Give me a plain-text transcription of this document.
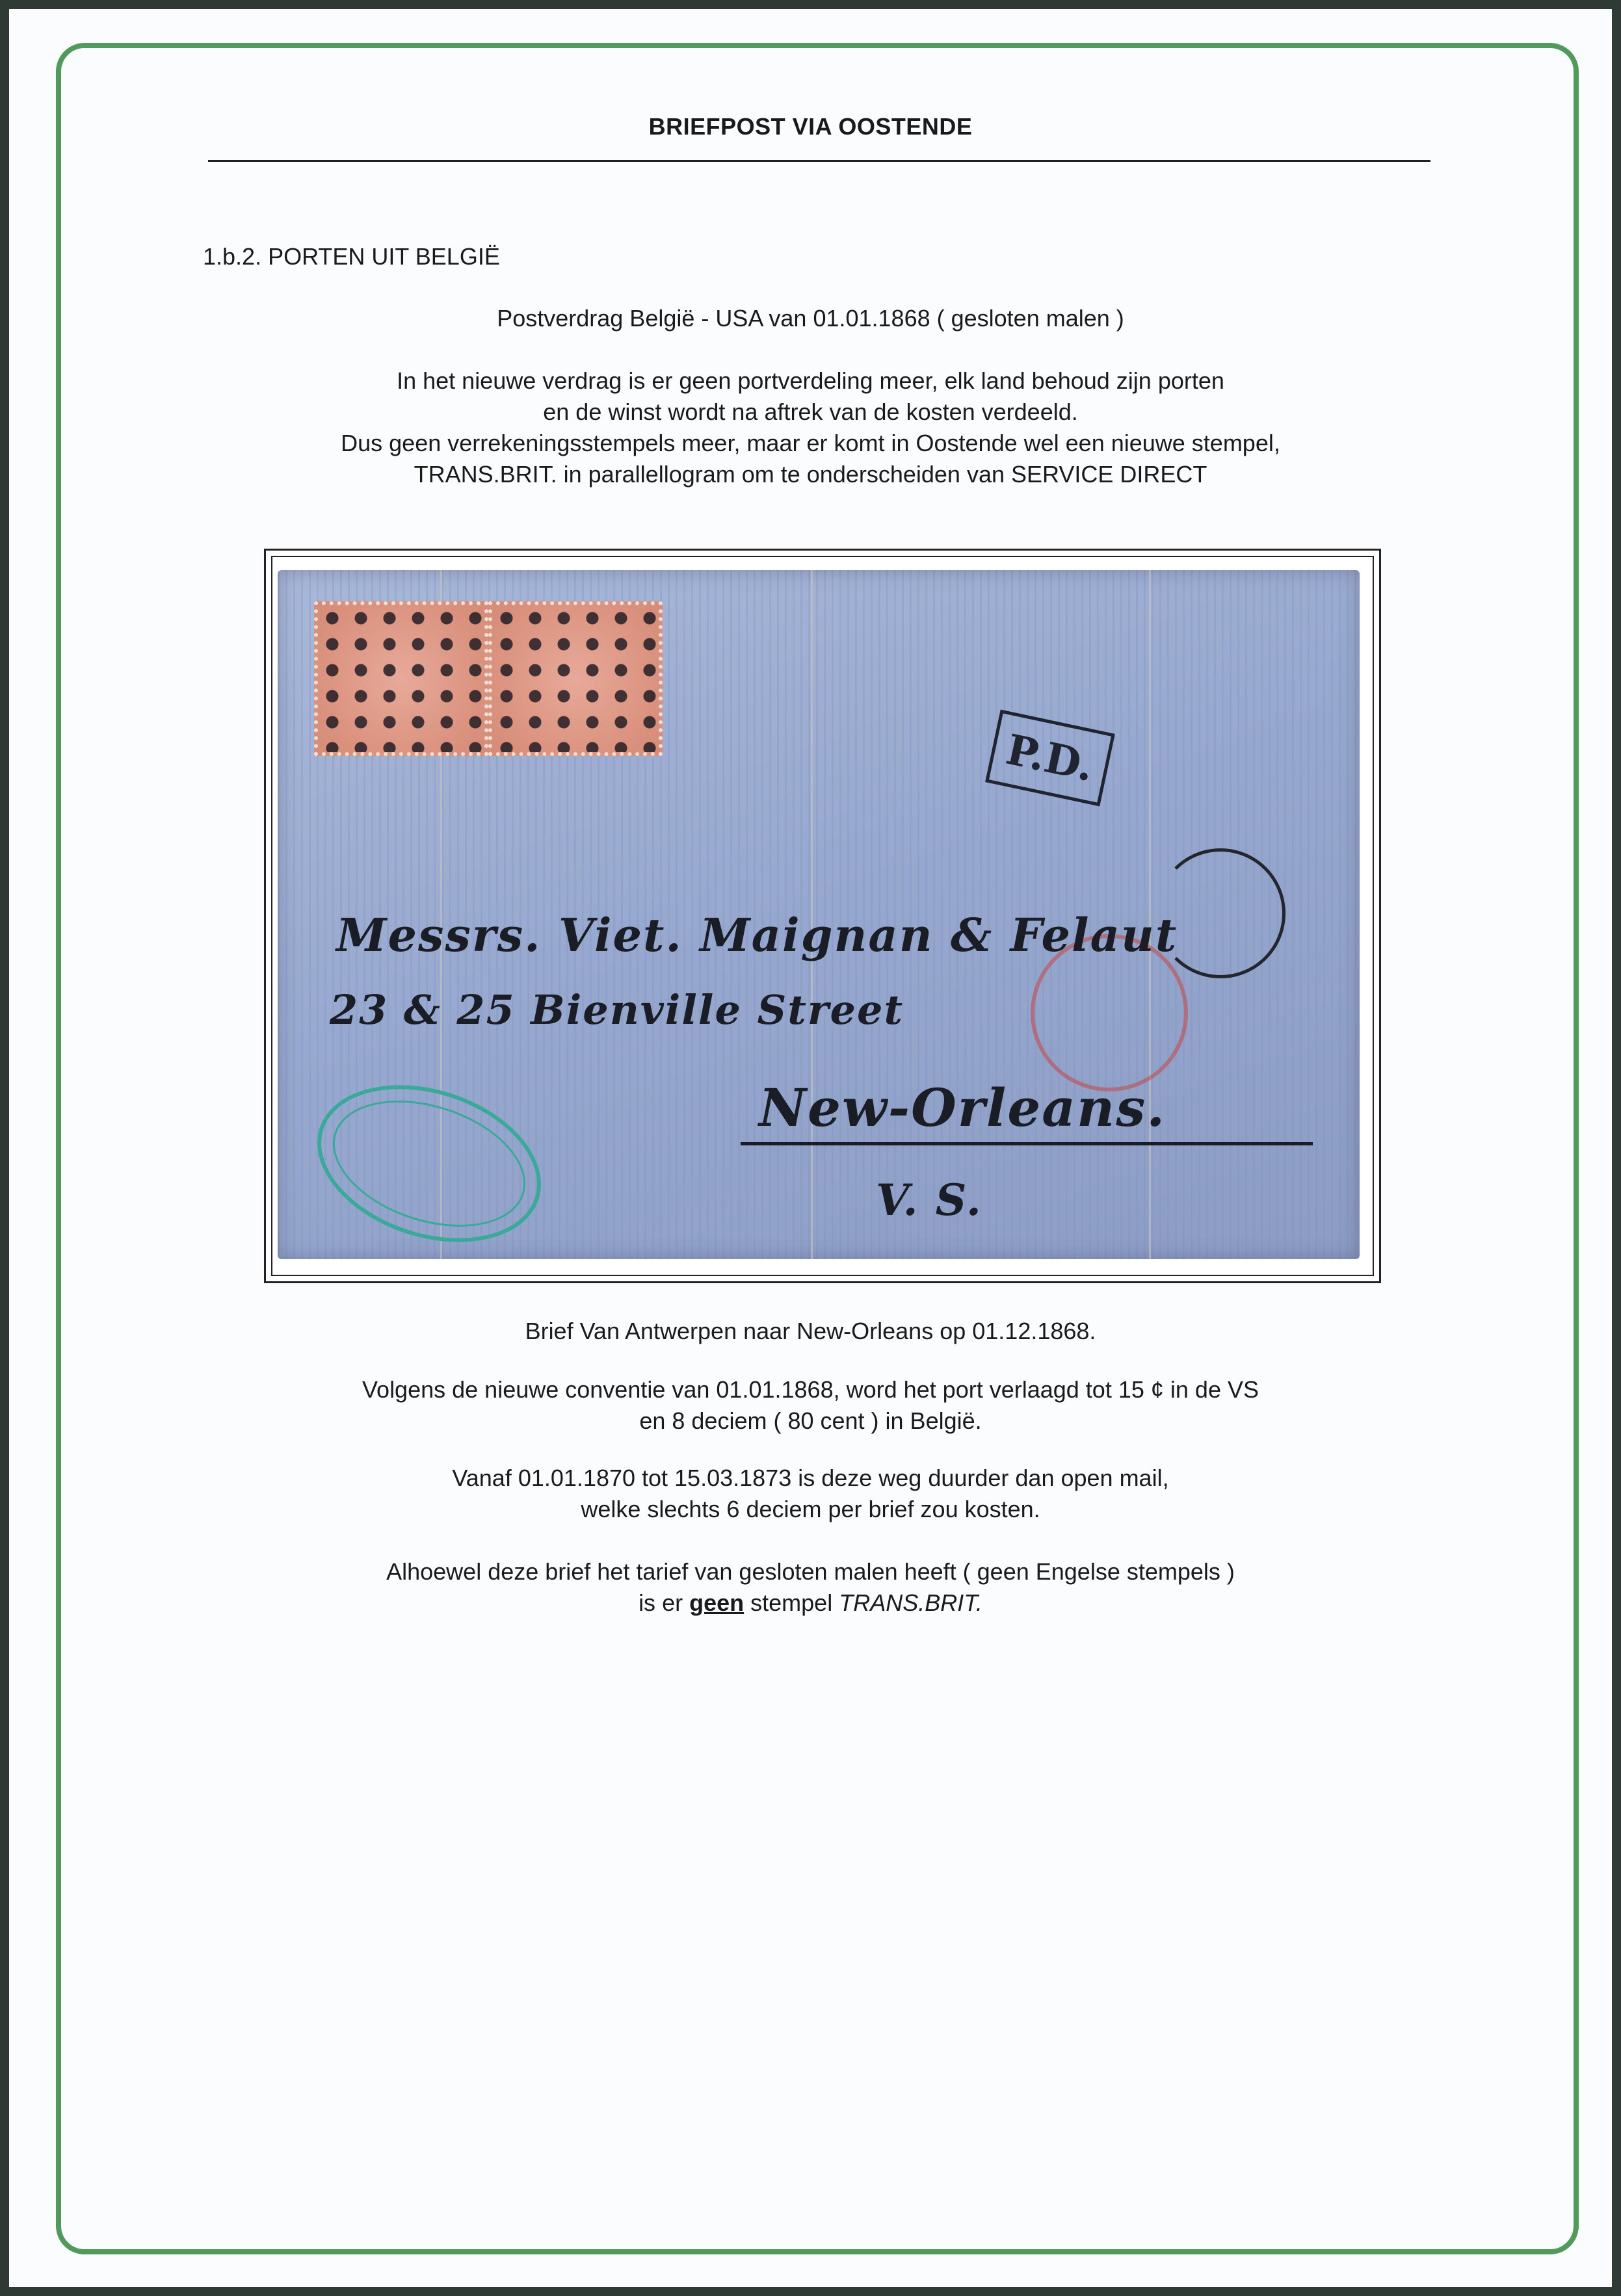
BRIEFPOST VIA OOSTENDE
1.b.2. PORTEN UIT BELGIË
Postverdrag België - USA van 01.01.1868 ( gesloten malen )
In het nieuwe verdrag is er geen portverdeling meer, elk land behoud zijn porten
en de winst wordt na aftrek van de kosten verdeeld.
Dus geen verrekeningsstempels meer, maar er komt in Oostende wel een nieuwe stempel,
TRANS.BRIT. in parallellogram om te onderscheiden van SERVICE DIRECT
P.D.
Messrs. Viet. Maignan & Felaut
23 & 25 Bienville Street
New-Orleans.
V. S.
Brief Van Antwerpen naar New-Orleans op 01.12.1868.
Volgens de nieuwe conventie van 01.01.1868, word het port verlaagd tot 15 ¢ in de VS
en 8 deciem ( 80 cent ) in België.
Vanaf 01.01.1870 tot 15.03.1873 is deze weg duurder dan open mail,
welke slechts 6 deciem per brief zou kosten.
Alhoewel deze brief het tarief van gesloten malen heeft ( geen Engelse stempels )
is er geen stempel TRANS.BRIT.
